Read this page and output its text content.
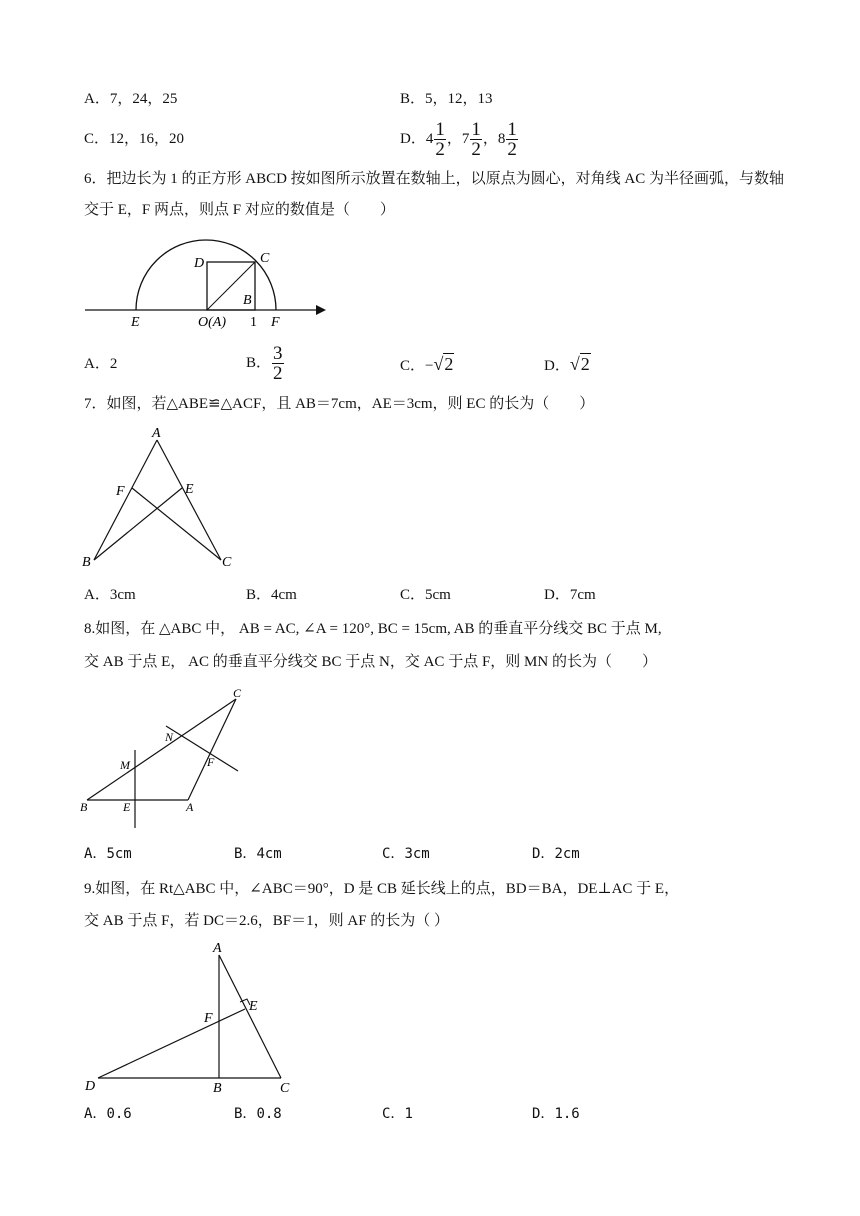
A．7，24，25	B．5，12，13
C．12，16，20	D．$4 \frac{1}{2}$ ，$7 \frac{1}{2}$ ，$8 \frac{1}{2}$
6．把边长为 1 的正方形 ABCD 按如图所示放置在数轴上，以原点为圆心，对角线 AC 为半径画弧，与数轴
交于 E，F 两点，则点 F 对应的数值是（　　）
E	O(A) 1 F
D	C
B
A．2	B． $\frac{3}{2}$	C．−√2	D．√2
7．如图，若△ABE≌△ACF，且 AB＝7cm，AE＝3cm，则 EC 的长为（　　）
A
B	C
E
F
A．3cm	B．4cm	C．5cm	D．7cm
8.如图，在 △ABC 中， AB = AC, ∠A = 120°, BC = 15cm, AB 的垂直平分线交 BC 于点 M,
交 AB 于点 E， AC 的垂直平分线交 BC 于点 N，交 AC 于点 F，则 MN 的长为（　　）
C
B	E	A
M
N
F
A．5cm	B．4cm	C．3cm	D．2cm
9.如图，在 Rt△ABC 中，∠ABC＝90°，D 是 CB 延长线上的点，BD＝BA，DE⊥AC 于 E，
交 AB 于点 F，若 DC＝2.6，BF＝1，则 AF 的长为（ ）
A
D	B	C
F
E
A．0.6	B．0.8	C．1	D．1.6
